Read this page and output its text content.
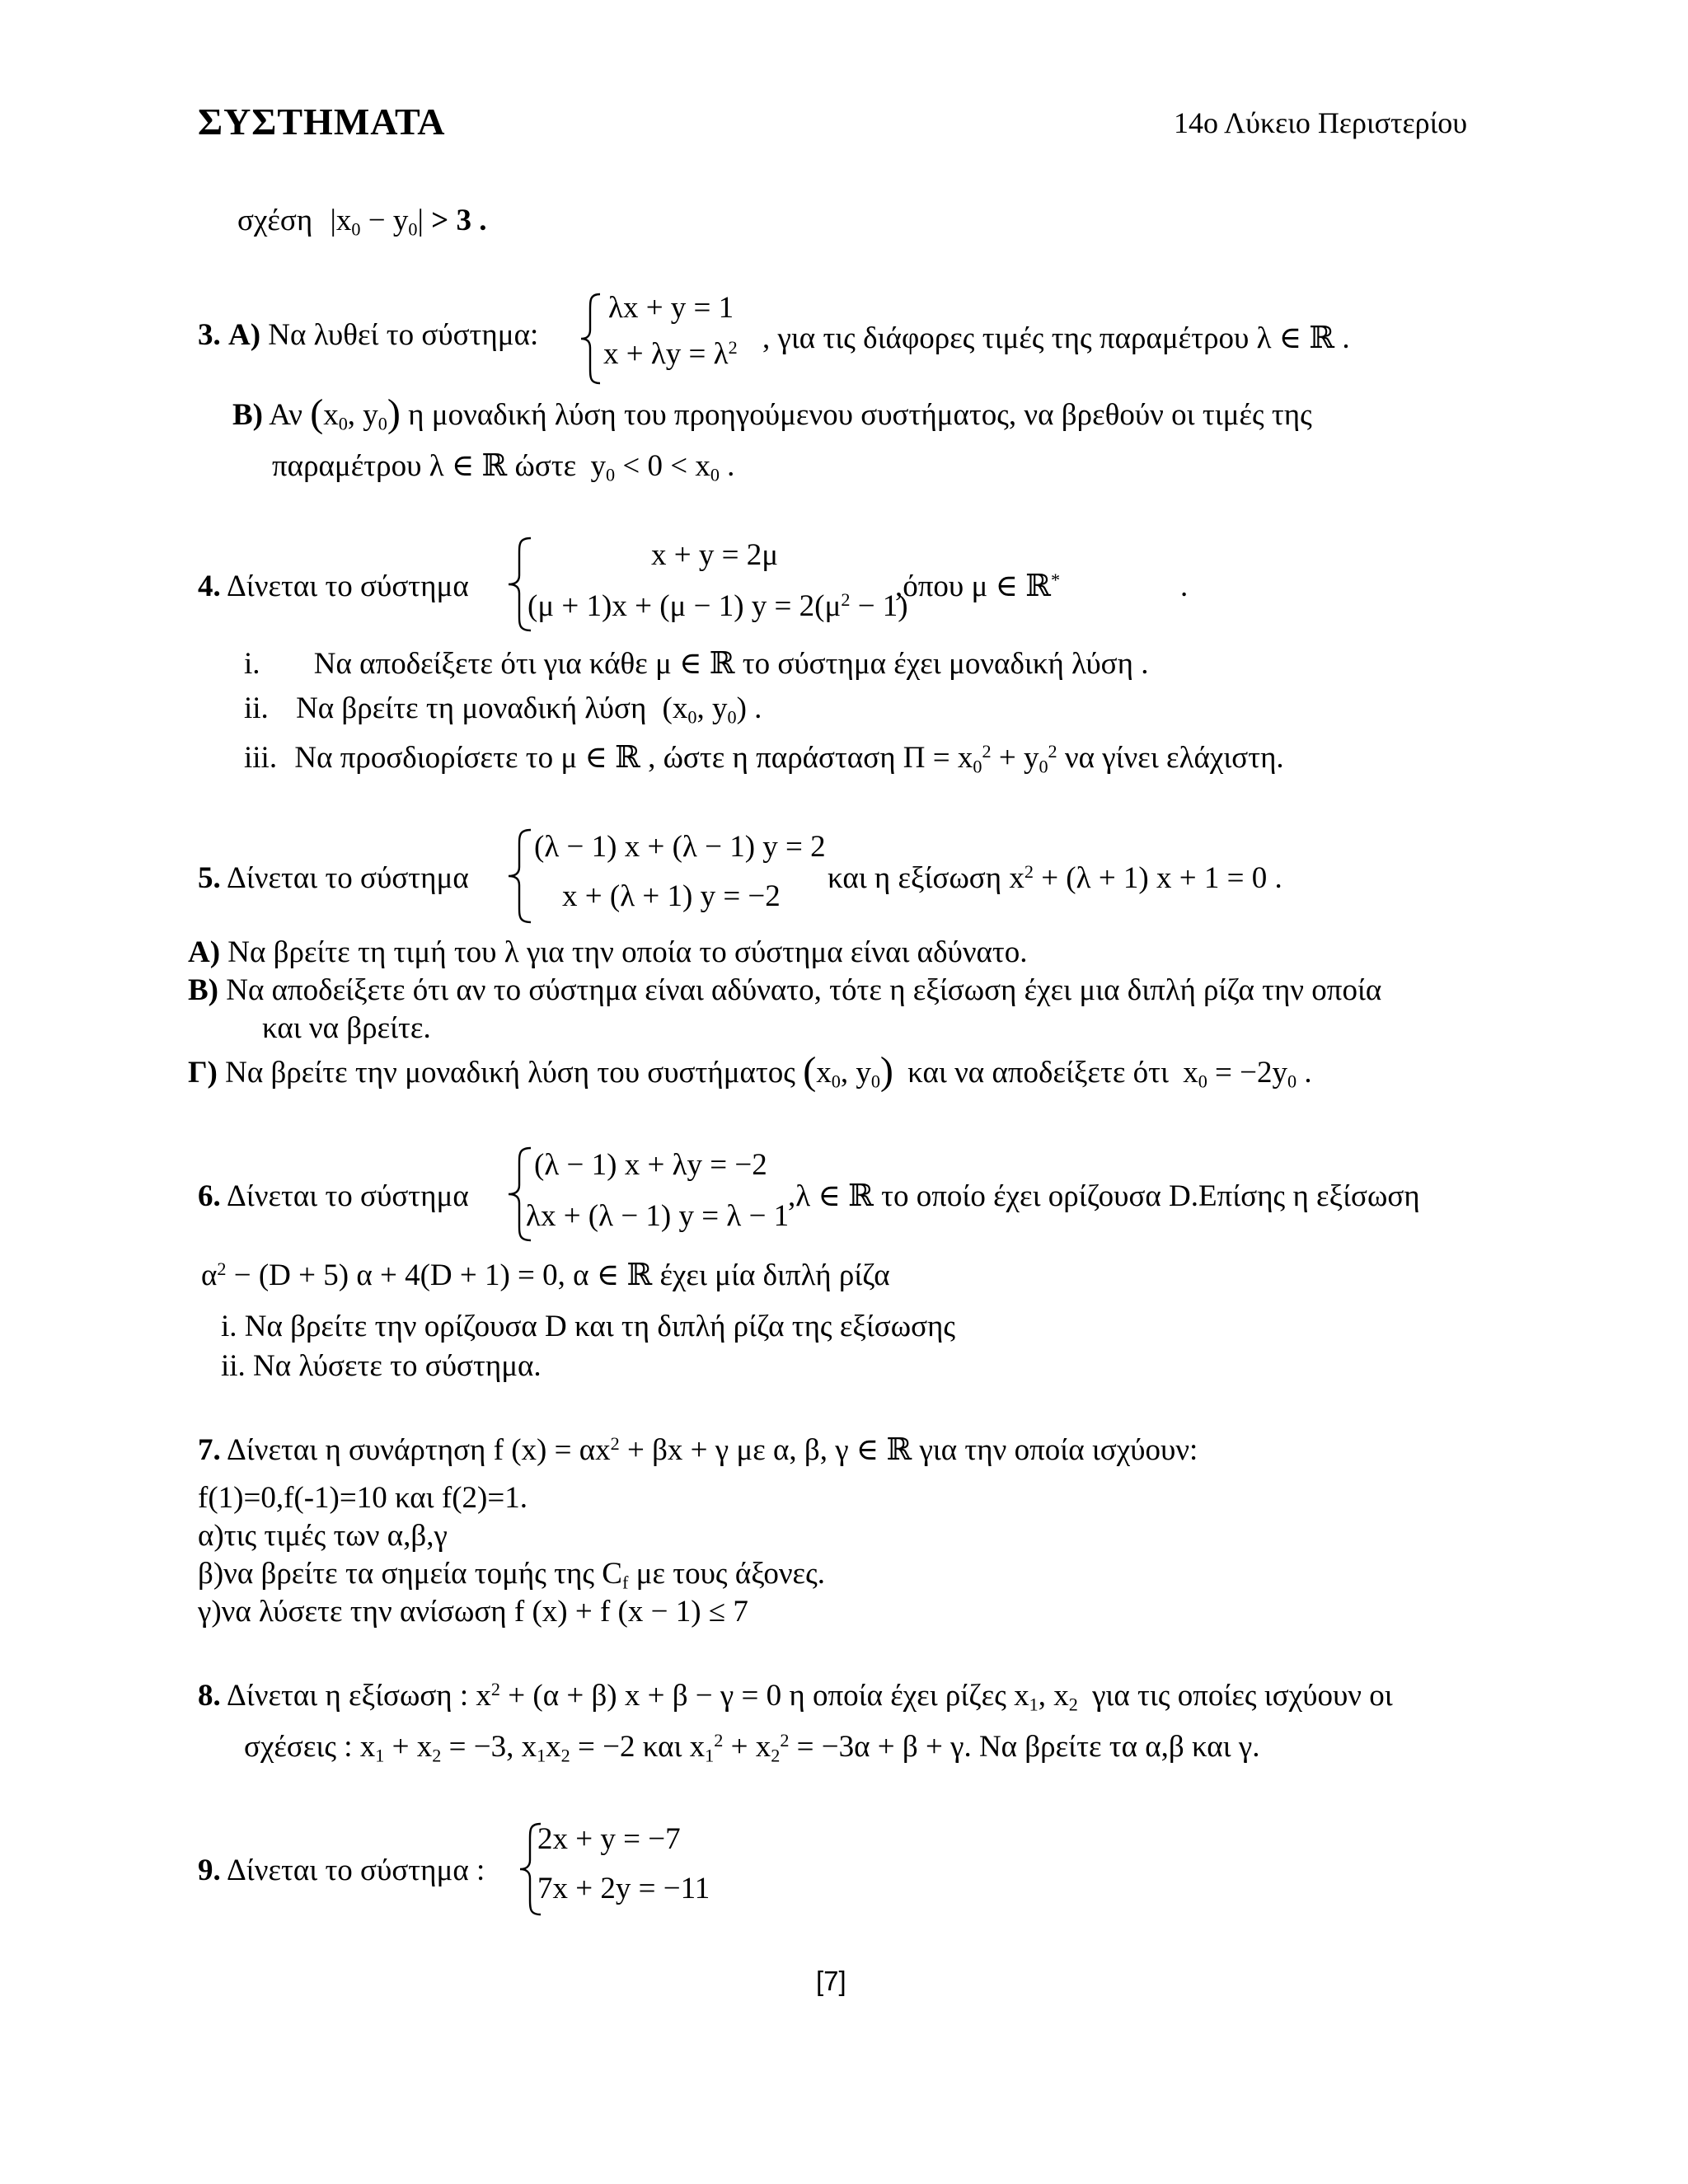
ΣΥΣΤΗΜΑΤΑ	14ο Λύκειο Περιστερίου
σχέση $|x_0 - y_0| > 3$ .
3. Α) Να λυθεί το σύστημα:
λx + y = 1
$x + \lambda y = \lambda^2$ , για τις διάφορες τιμές της παραμέτρου λ ∈ ℝ .
Β) Αν ($x_0$, $y_0$) η μοναδική λύση του προηγούμενου συστήματος, να βρεθούν οι τιμές της
παραμέτρου λ ∈ ℝ ώστε $y_0 < 0 < x_0$ .
4. Δίνεται το σύστημα
x + y = 2μ
(μ + 1)x + (μ − 1) $y = 2(\mu^2 - 1)$
,όπου μ ∈ ℝ*	.
i. Να αποδείξετε ότι για κάθε μ ∈ ℝ το σύστημα έχει μοναδική λύση .
ii. Να βρείτε τη μοναδική λύση ($x_0$, $y_0$) .
iii. Να προσδιορίσετε το μ ∈ ℝ , ώστε η παράσταση $\Pi = x_0^2 + y_0^2$ να γίνει ελάχιστη.
5. Δίνεται το σύστημα
(λ − 1) x + (λ − 1) y = 2
x + (λ + 1) y = −2
και η εξίσωση $x^2 + (\lambda + 1) x + 1 = 0$ .
Α) Να βρείτε τη τιμή του λ για την οποία το σύστημα είναι αδύνατο.
Β) Να αποδείξετε ότι αν το σύστημα είναι αδύνατο, τότε η εξίσωση έχει μια διπλή ρίζα την οποία
και να βρείτε.
Γ) Να βρείτε την μοναδική λύση του συστήματος ($x_0$, $y_0$) και να αποδείξετε ότι $x_0 = -2y_0$ .
6. Δίνεται το σύστημα
(λ − 1) x + λy = −2
λx + (λ − 1) y = λ − 1
,λ ∈ ℝ το οποίο έχει ορίζουσα D.Επίσης η εξίσωση
$\alpha^2 - (D + 5) \alpha + 4(D + 1) = 0$, α ∈ ℝ έχει μία διπλή ρίζα
i. Να βρείτε την ορίζουσα D και τη διπλή ρίζα της εξίσωσης
ii. Να λύσετε το σύστημα.
7. Δίνεται η συνάρτηση f $(x) = \alpha x^2 + \beta x + \gamma$ με α, β, γ ∈ ℝ για την οποία ισχύουν:
f(1)=0,f(-1)=10 και f(2)=1.
α)τις τιμές των α,β,γ
β)να βρείτε τα σημεία τομής της $C_f$ με τους άξονες.
γ)να λύσετε την ανίσωση f (x) + f (x − 1) ≤ 7
8. Δίνεται η εξίσωση : $x^2 + (\alpha + \beta) x + \beta - \gamma = 0$ η οποία έχει ρίζες $x_1$, $x_2$ για τις οποίες ισχύουν οι
σχέσεις : $x_1 + x_2 = -3$, $x_1x_2 = -2$ και $x_1^2 + x_2^2 = -3\alpha + \beta + \gamma$. Να βρείτε τα α,β και γ.
9. Δίνεται το σύστημα :
2x + y = −7
7x + 2y = −11
[7]
